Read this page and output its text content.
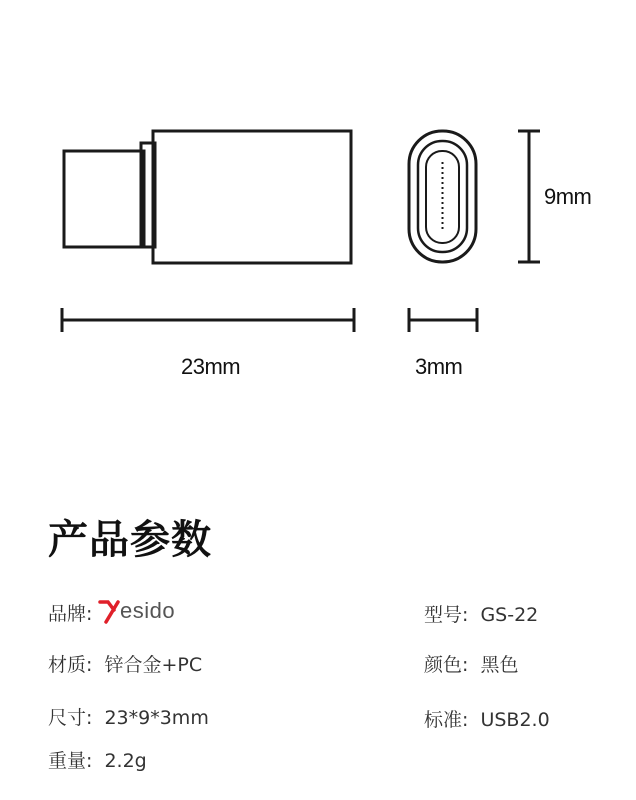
9mm
23mm	3mm
产品参数
品牌: esido
材质: 锌合金+PC
尺寸: 23*9*3mm
重量: 2.2g
型号: GS-22
颜色: 黑色
标准: USB2.0
